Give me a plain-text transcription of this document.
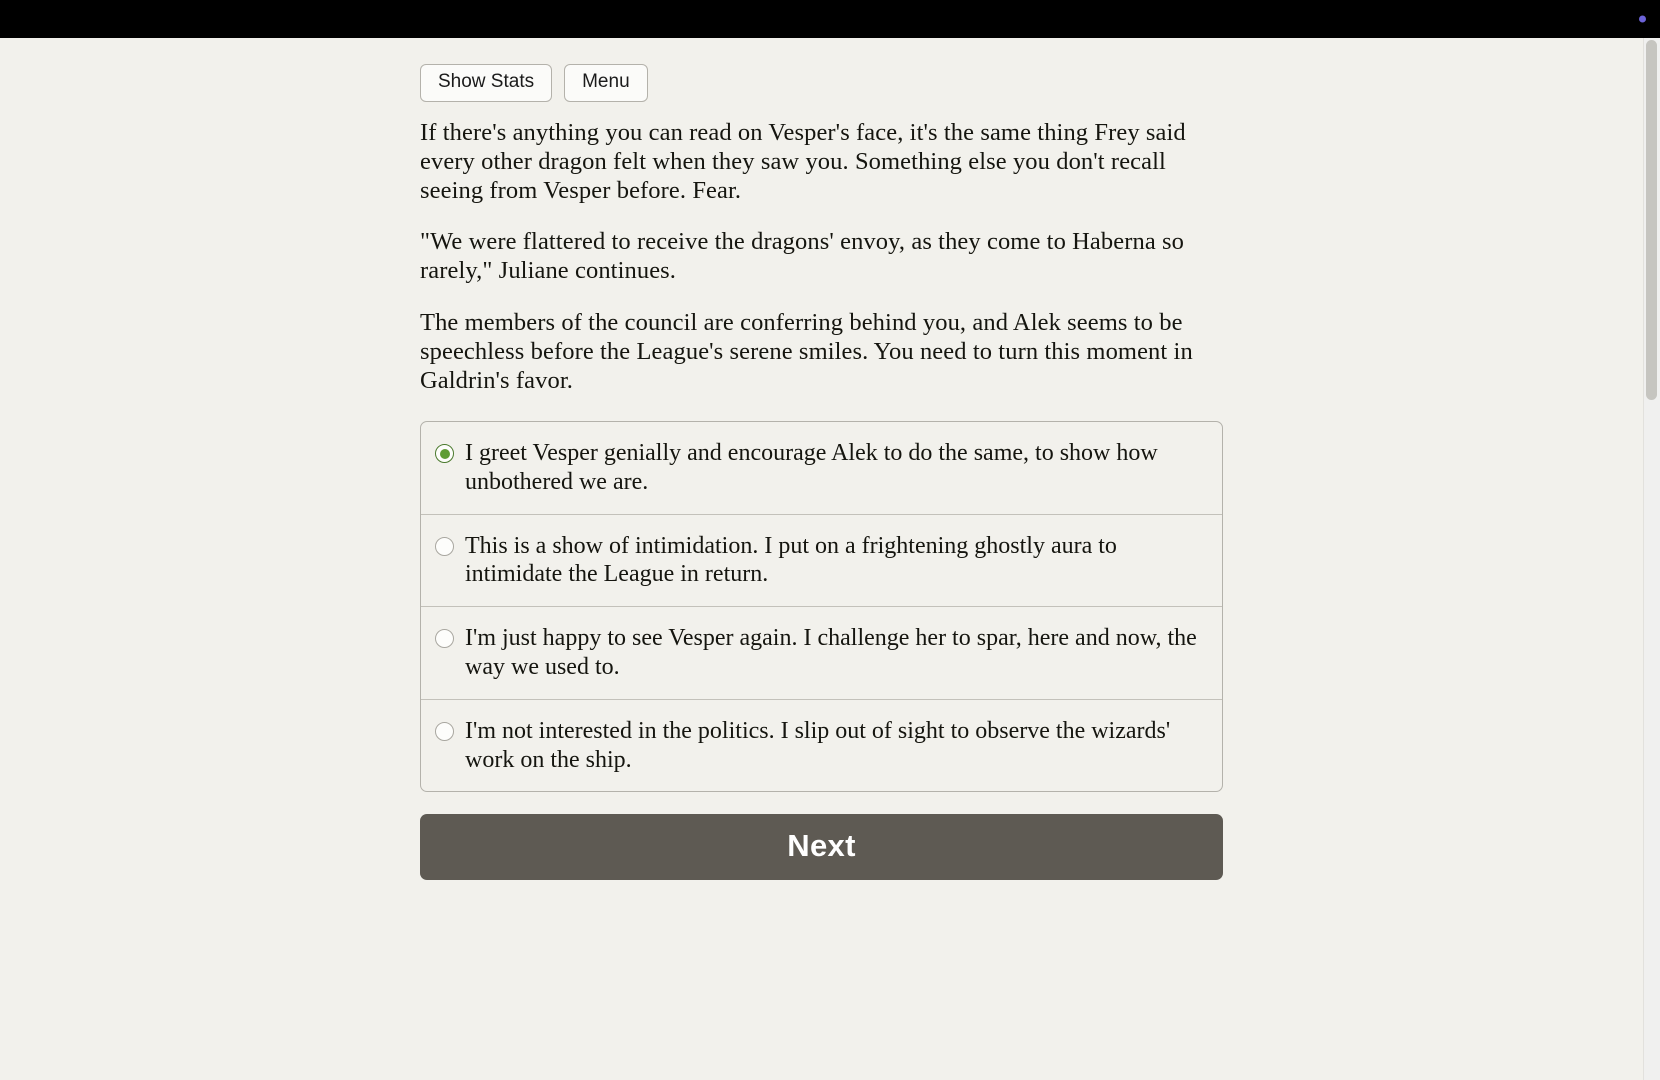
Show Stats	Menu

If there's anything you can read on Vesper's face, it's the same thing Frey said every other dragon felt when they saw you. Something else you don't recall seeing from Vesper before. Fear.

"We were flattered to receive the dragons' envoy, as they come to Haberna so rarely," Juliane continues.

The members of the council are conferring behind you, and Alek seems to be speechless before the League's serene smiles. You need to turn this moment in Galdrin's favor.

I greet Vesper genially and encourage Alek to do the same, to show how unbothered we are.
This is a show of intimidation. I put on a frightening ghostly aura to intimidate the League in return.
I'm just happy to see Vesper again. I challenge her to spar, here and now, the way we used to.
I'm not interested in the politics. I slip out of sight to observe the wizards' work on the ship.
Next
